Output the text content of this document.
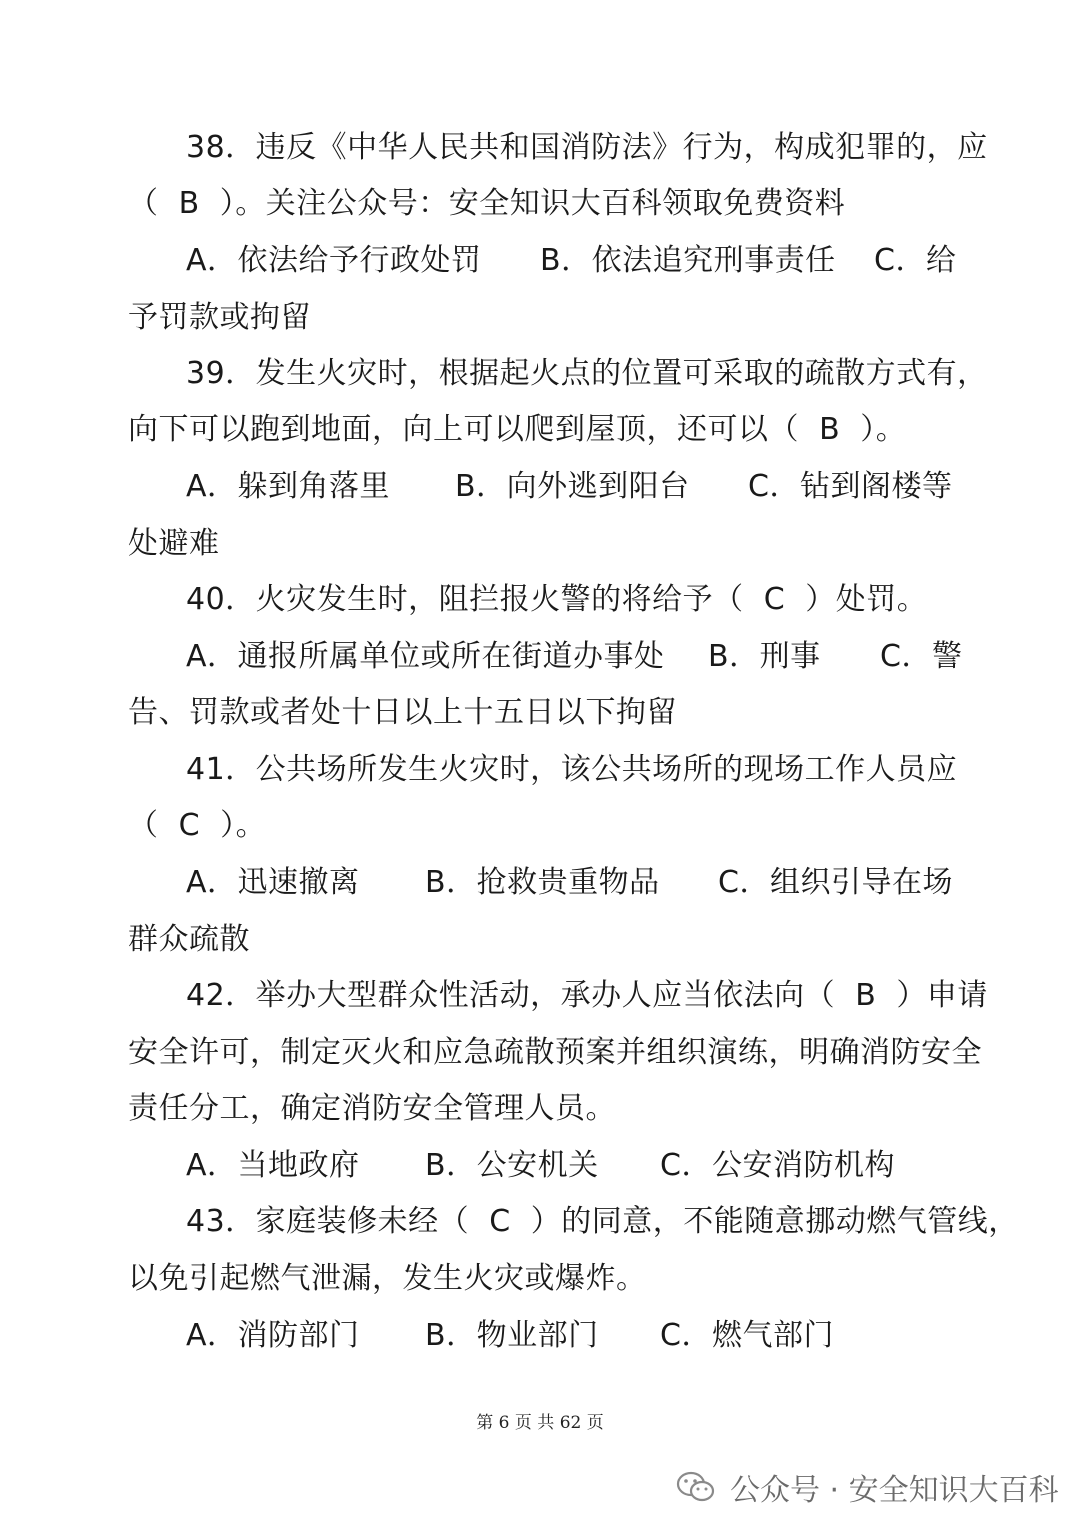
38．违反《中华人民共和国消防法》行为，构成犯罪的，应
（  B  ）。关注公众号：安全知识大百科领取免费资料
A．依法给予行政处罚 B．依法追究刑事责任 C．给
予罚款或拘留
39．发生火灾时，根据起火点的位置可采取的疏散方式有，
向下可以跑到地面，向上可以爬到屋顶，还可以（  B  ）。
A．躲到角落里 B．向外逃到阳台 C．钻到阁楼等
处避难
40．火灾发生时，阻拦报火警的将给予（  C  ）处罚。
A．通报所属单位或所在街道办事处 B．刑事 C．警
告、罚款或者处十日以上十五日以下拘留
41．公共场所发生火灾时，该公共场所的现场工作人员应
（  C  ）。
A．迅速撤离 B．抢救贵重物品 C．组织引导在场
群众疏散
42．举办大型群众性活动，承办人应当依法向（  B  ）申请
安全许可，制定灭火和应急疏散预案并组织演练，明确消防安全
责任分工，确定消防安全管理人员。
A．当地政府 B．公安机关 C．公安消防机构
43．家庭装修未经（  C  ）的同意，不能随意挪动燃气管线，
以免引起燃气泄漏，发生火灾或爆炸。
A．消防部门 B．物业部门 C．燃气部门
第 6 页 共 62 页
公众号 · 安全知识大百科
